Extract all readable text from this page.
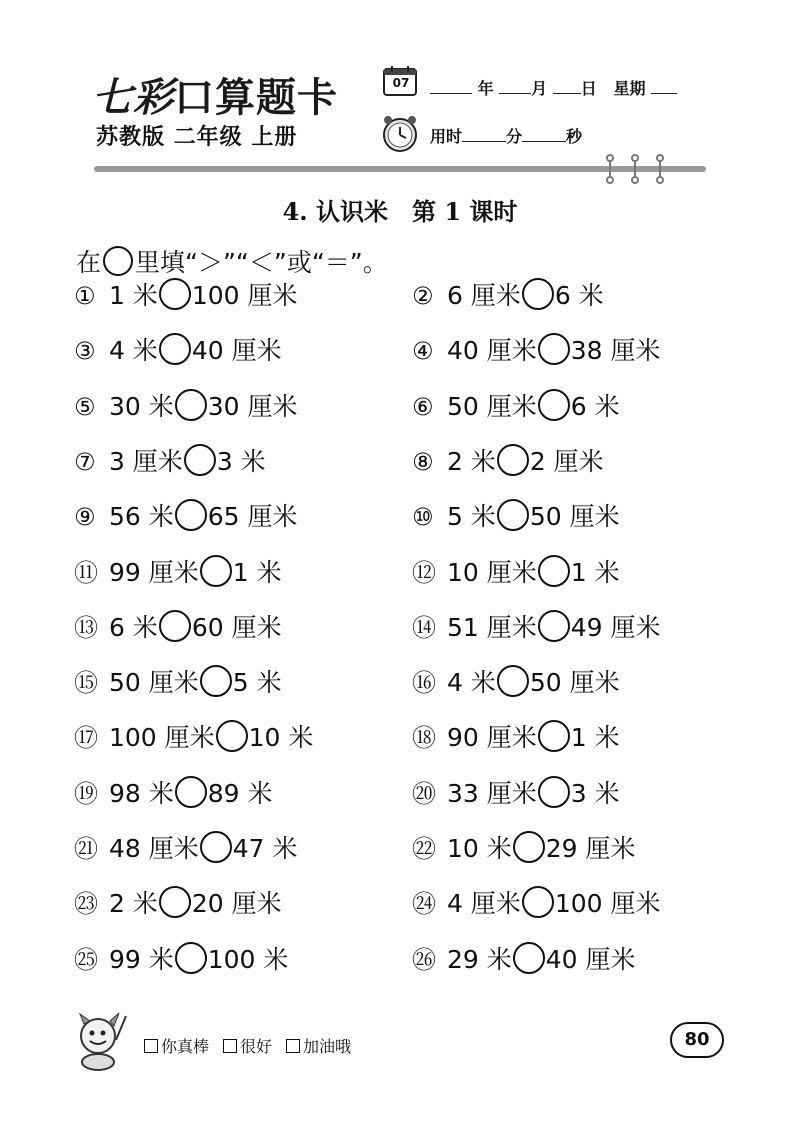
七彩口算题卡
苏教版 二年级 上册
07	年 月 日 星期
用时	分	秒
4. 认识米　第 1 课时
在 里填“＞”“＜”或“＝”。
① 1 米 100 厘米	② 6 厘米 6 米
③ 4 米 40 厘米	④ 40 厘米 38 厘米
⑤ 30 米 30 厘米	⑥ 50 厘米 6 米
⑦ 3 厘米 3 米	⑧ 2 米 2 厘米
⑨ 56 米 65 厘米	⑩ 5 米 50 厘米
⑪ 99 厘米 1 米	⑫ 10 厘米 1 米
⑬ 6 米 60 厘米	⑭ 51 厘米 49 厘米
⑮ 50 厘米 5 米	⑯ 4 米 50 厘米
⑰ 100 厘米 10 米	⑱ 90 厘米 1 米
⑲ 98 米 89 米	⑳ 33 厘米 3 米
㉑ 48 厘米 47 米	㉒ 10 米 29 厘米
㉓ 2 米 20 厘米	㉔ 4 厘米 100 厘米
㉕ 99 米 100 米	㉖ 29 米 40 厘米
你真棒 很好 加油哦	80
